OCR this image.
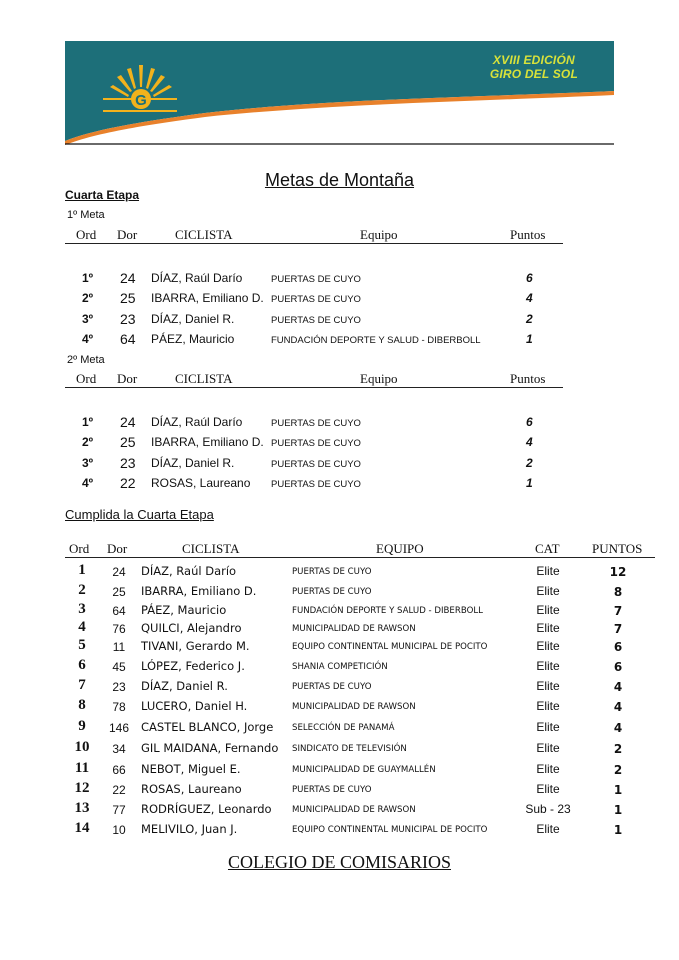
G
XVIII EDICIÓN
GIRO DEL SOL
Metas de Montaña
Cuarta Etapa
1º Meta
Ord Dor	CICLISTA	Equipo	Puntos
1º 24 DÍAZ, Raúl Darío	PUERTAS DE CUYO	6
2º 25 IBARRA, Emiliano D. PUERTAS DE CUYO	4
3º 23 DÍAZ, Daniel R.	PUERTAS DE CUYO	2
4º 64 PÁEZ, Mauricio	FUNDACIÓN DEPORTE Y SALUD - DIBERBOLL	1
2º Meta
Ord Dor	CICLISTA	Equipo	Puntos
1º 24 DÍAZ, Raúl Darío	PUERTAS DE CUYO	6
2º 25 IBARRA, Emiliano D. PUERTAS DE CUYO	4
3º 23 DÍAZ, Daniel R.	PUERTAS DE CUYO	2
4º 22 ROSAS, Laureano PUERTAS DE CUYO	1
Cumplida la Cuarta Etapa
Ord Dor	CICLISTA	EQUIPO	CAT PUNTOS
1 24 DÍAZ, Raúl Darío	PUERTAS DE CUYO	Elite	12
2 25 IBARRA, Emiliano D.	PUERTAS DE CUYO	Elite	8
3 64 PÁEZ, Mauricio	FUNDACIÓN DEPORTE Y SALUD - DIBERBOLL	Elite	7
4 76 QUILCI, Alejandro	MUNICIPALIDAD DE RAWSON	Elite	7
5 11 TIVANI, Gerardo M.	EQUIPO CONTINENTAL MUNICIPAL DE POCITO	Elite	6
6 45 LÓPEZ, Federico J.	SHANIA COMPETICIÓN	Elite	6
7 23 DÍAZ, Daniel R.	PUERTAS DE CUYO	Elite	4
8 78 LUCERO, Daniel H.	MUNICIPALIDAD DE RAWSON	Elite	4
9 146 CASTEL BLANCO, Jorge SELECCIÓN DE PANAMÁ	Elite	4
10 34 GIL MAIDANA, Fernando SINDICATO DE TELEVISIÓN	Elite	2
11 66 NEBOT, Miguel E.	MUNICIPALIDAD DE GUAYMALLÉN	Elite	2
12 22 ROSAS, Laureano	PUERTAS DE CUYO	Elite	1
13 77 RODRÍGUEZ, Leonardo MUNICIPALIDAD DE RAWSON	Sub - 23	1
14 10 MELIVILO, Juan J.	EQUIPO CONTINENTAL MUNICIPAL DE POCITO	Elite	1
COLEGIO DE COMISARIOS
